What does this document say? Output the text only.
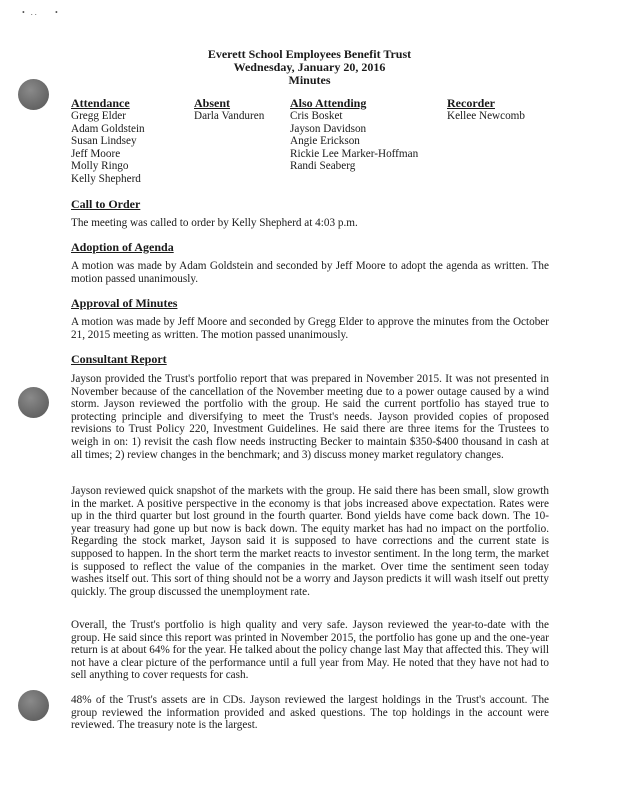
• .. •
Everett School Employees Benefit Trust
Wednesday, January 20, 2016
Minutes
Attendance
Gregg Elder
Adam Goldstein
Susan Lindsey
Jeff Moore
Molly Ringo
Kelly Shepherd
Absent
Darla Vanduren
Also Attending
Cris Bosket
Jayson Davidson
Angie Erickson
Rickie Lee Marker-Hoffman
Randi Seaberg
Recorder
Kellee Newcomb
Call to Order
The meeting was called to order by Kelly Shepherd at 4:03 p.m.
Adoption of Agenda
A motion was made by Adam Goldstein and seconded by Jeff Moore to adopt the agenda as written. The motion passed unanimously.
Approval of Minutes
A motion was made by Jeff Moore and seconded by Gregg Elder to approve the minutes from the October 21, 2015 meeting as written. The motion passed unanimously.
Consultant Report
Jayson provided the Trust's portfolio report that was prepared in November 2015. It was not presented in November because of the cancellation of the November meeting due to a power outage caused by a wind storm. Jayson reviewed the portfolio with the group. He said the current portfolio has stayed true to protecting principle and diversifying to meet the Trust's needs. Jayson provided copies of proposed revisions to Trust Policy 220, Investment Guidelines. He said there are three items for the Trustees to weigh in on: 1) revisit the cash flow needs instructing Becker to maintain $350-$400 thousand in cash at all times; 2) review changes in the benchmark; and 3) discuss money market regulatory changes.
Jayson reviewed quick snapshot of the markets with the group. He said there has been small, slow growth in the market. A positive perspective in the economy is that jobs increased above expectation. Rates were up in the third quarter but lost ground in the fourth quarter. Bond yields have come back down. The 10-year treasury had gone up but now is back down. The equity market has had no impact on the portfolio. Regarding the stock market, Jayson said it is supposed to have corrections and the current state is supposed to happen. In the short term the market reacts to investor sentiment. In the long term, the market is supposed to reflect the value of the companies in the market. Over time the sentiment seen today washes itself out. This sort of thing should not be a worry and Jayson predicts it will wash itself out pretty quickly. The group discussed the unemployment rate.
Overall, the Trust's portfolio is high quality and very safe. Jayson reviewed the year-to-date with the group. He said since this report was printed in November 2015, the portfolio has gone up and the one-year return is at about 64% for the year. He talked about the policy change last May that affected this. They will not have a clear picture of the performance until a full year from May. He noted that they have not had to sell anything to cover requests for cash.
48% of the Trust's assets are in CDs. Jayson reviewed the largest holdings in the Trust's account. The group reviewed the information provided and asked questions. The top holdings in the account were reviewed. The treasury note is the largest.
